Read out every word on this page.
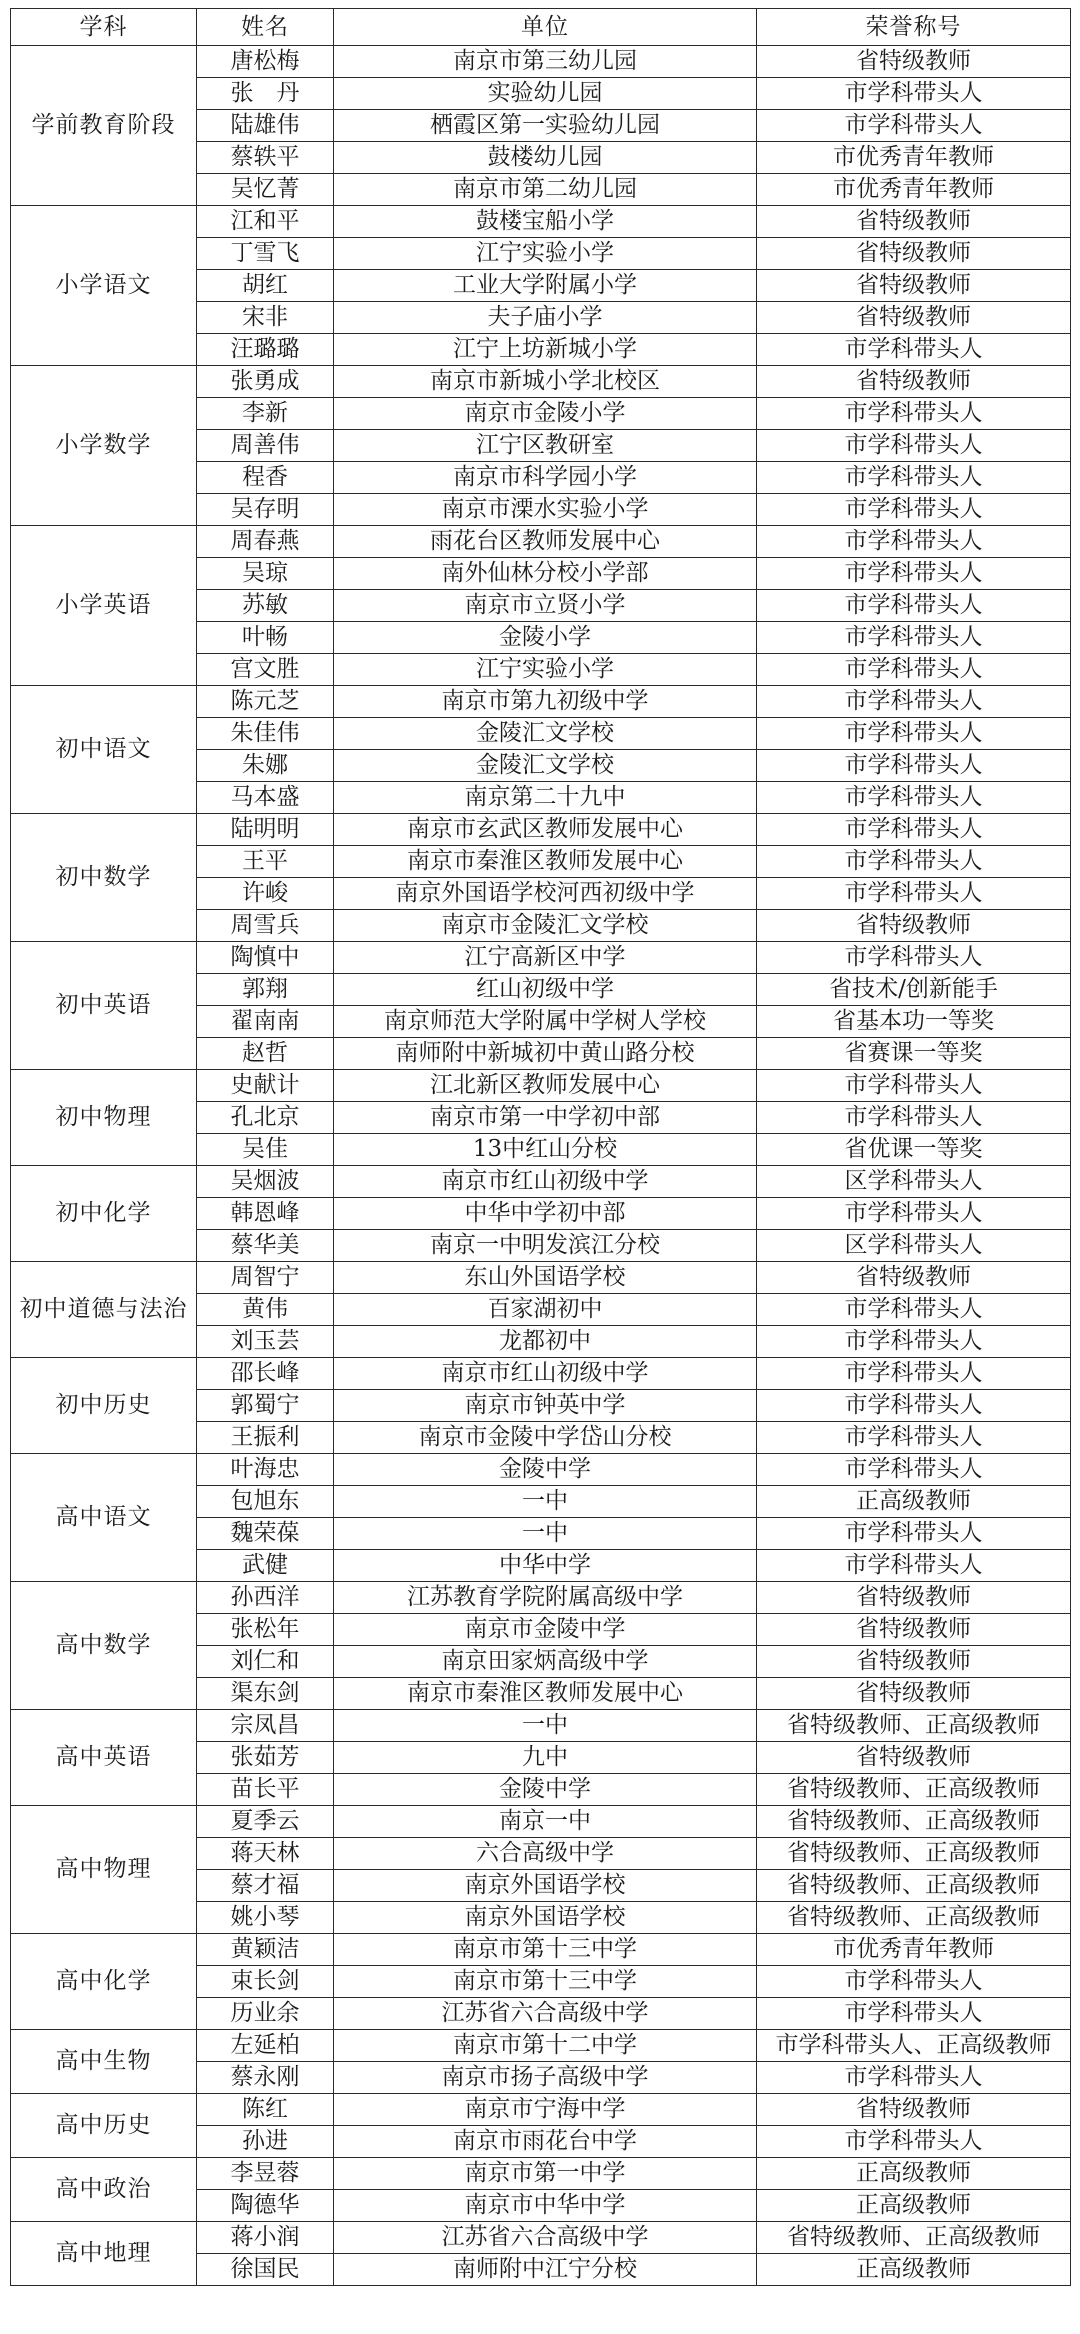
学科	姓名	单位	荣誉称号
学前教育阶段	唐松梅	南京市第三幼儿园	省特级教师
	张　丹	实验幼儿园	市学科带头人
	陆雄伟	栖霞区第一实验幼儿园	市学科带头人
	蔡轶平	鼓楼幼儿园	市优秀青年教师
	吴忆菁	南京市第二幼儿园	市优秀青年教师
小学语文	江和平	鼓楼宝船小学	省特级教师
	丁雪飞	江宁实验小学	省特级教师
	胡红	工业大学附属小学	省特级教师
	宋非	夫子庙小学	省特级教师
	汪璐璐	江宁上坊新城小学	市学科带头人
小学数学	张勇成	南京市新城小学北校区	省特级教师
	李新	南京市金陵小学	市学科带头人
	周善伟	江宁区教研室	市学科带头人
	程香	南京市科学园小学	市学科带头人
	吴存明	南京市溧水实验小学	市学科带头人
小学英语	周春燕	雨花台区教师发展中心	市学科带头人
	吴琼	南外仙林分校小学部	市学科带头人
	苏敏	南京市立贤小学	市学科带头人
	叶畅	金陵小学	市学科带头人
	宫文胜	江宁实验小学	市学科带头人
初中语文	陈元芝	南京市第九初级中学	市学科带头人
	朱佳伟	金陵汇文学校	市学科带头人
	朱娜	金陵汇文学校	市学科带头人
	马本盛	南京第二十九中	市学科带头人
初中数学	陆明明	南京市玄武区教师发展中心	市学科带头人
	王平	南京市秦淮区教师发展中心	市学科带头人
	许峻	南京外国语学校河西初级中学	市学科带头人
	周雪兵	南京市金陵汇文学校	省特级教师
初中英语	陶慎中	江宁高新区中学	市学科带头人
	郭翔	红山初级中学	省技术/创新能手
	翟南南	南京师范大学附属中学树人学校	省基本功一等奖
	赵哲	南师附中新城初中黄山路分校	省赛课一等奖
初中物理	史献计	江北新区教师发展中心	市学科带头人
	孔北京	南京市第一中学初中部	市学科带头人
	吴佳	13中红山分校	省优课一等奖
初中化学	吴烟波	南京市红山初级中学	区学科带头人
	韩恩峰	中华中学初中部	市学科带头人
	蔡华美	南京一中明发滨江分校	区学科带头人
初中道德与法治	周智宁	东山外国语学校	省特级教师
	黄伟	百家湖初中	市学科带头人
	刘玉芸	龙都初中	市学科带头人
初中历史	邵长峰	南京市红山初级中学	市学科带头人
	郭蜀宁	南京市钟英中学	市学科带头人
	王振利	南京市金陵中学岱山分校	市学科带头人
高中语文	叶海忠	金陵中学	市学科带头人
	包旭东	一中	正高级教师
	魏荣葆	一中	市学科带头人
	武健	中华中学	市学科带头人
高中数学	孙西洋	江苏教育学院附属高级中学	省特级教师
	张松年	南京市金陵中学	省特级教师
	刘仁和	南京田家炳高级中学	省特级教师
	渠东剑	南京市秦淮区教师发展中心	省特级教师
高中英语	宗凤昌	一中	省特级教师、正高级教师
	张茹芳	九中	省特级教师
	苗长平	金陵中学	省特级教师、正高级教师
高中物理	夏季云	南京一中	省特级教师、正高级教师
	蒋天林	六合高级中学	省特级教师、正高级教师
	蔡才福	南京外国语学校	省特级教师、正高级教师
	姚小琴	南京外国语学校	省特级教师、正高级教师
高中化学	黄颖洁	南京市第十三中学	市优秀青年教师
	束长剑	南京市第十三中学	市学科带头人
	历业余	江苏省六合高级中学	市学科带头人
高中生物	左延柏	南京市第十二中学	市学科带头人、正高级教师
	蔡永刚	南京市扬子高级中学	市学科带头人
高中历史	陈红	南京市宁海中学	省特级教师
	孙进	南京市雨花台中学	市学科带头人
高中政治	李昱蓉	南京市第一中学	正高级教师
	陶德华	南京市中华中学	正高级教师
高中地理	蒋小润	江苏省六合高级中学	省特级教师、正高级教师
	徐国民	南师附中江宁分校	正高级教师
